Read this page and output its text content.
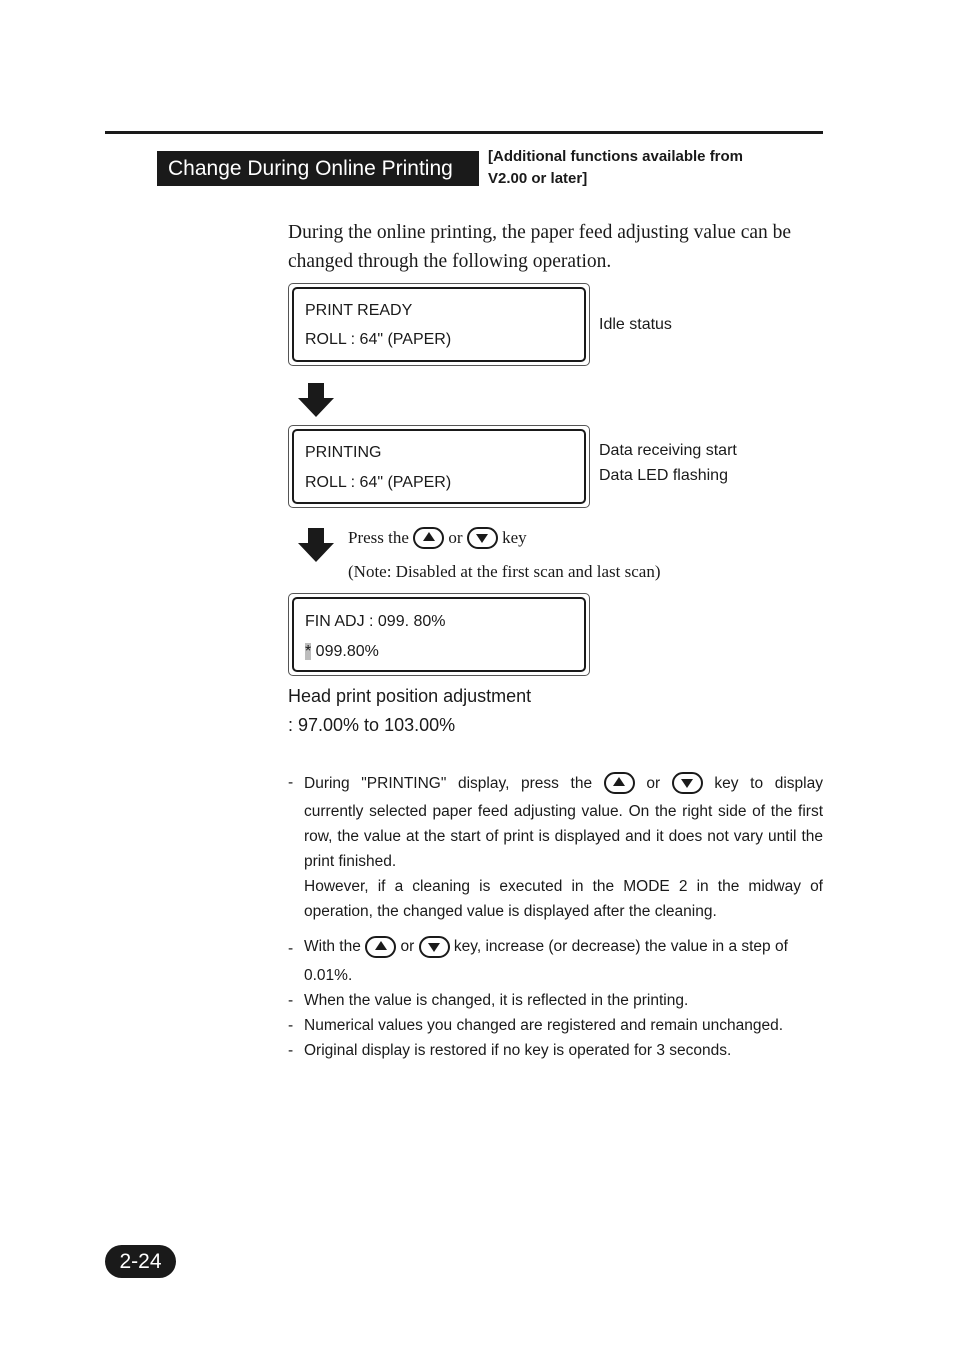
Change During Online Printing
[Additional functions available from
V2.00 or later]
During the online printing, the paper feed adjusting value can be
changed through the following operation.
PRINT READY
ROLL : 64" (PAPER)
Idle status
PRINTING
ROLL : 64" (PAPER)
Data receiving start
Data LED flashing
Press the or key
(Note: Disabled at the first scan and last scan)
FIN ADJ : 099. 80%
* 099.80%
Head print position adjustment
: 97.00% to 103.00%
- During "PRINTING" display, press the	or	key to display
currently selected paper feed adjusting value. On the right side of the first row, the value at the start of print is displayed and it does not vary until the print finished.
However, if a cleaning is executed in the MODE 2 in the midway of operation, the changed value is displayed after the cleaning.
- With the

	or

	key, increase (or decrease) the value in a step of
0.01%.
- When the value is changed, it is reflected in the printing.
- Numerical values you changed are registered and remain unchanged.
- Original display is restored if no key is operated for 3 seconds.
2-24
